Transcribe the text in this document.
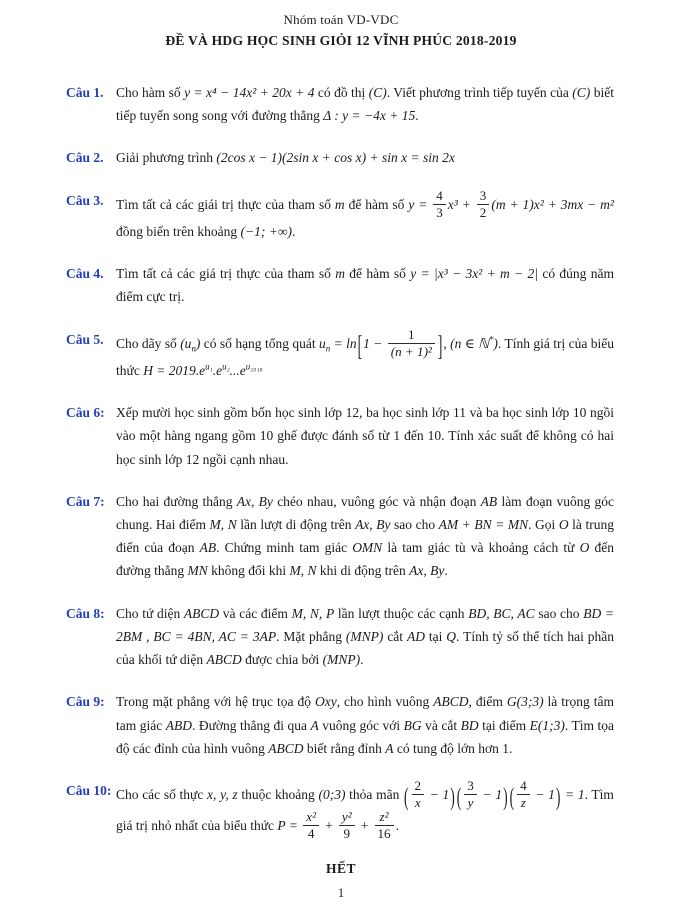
Nhóm toán VD-VDC
ĐỀ VÀ HDG HỌC SINH GIỎI 12 VĨNH PHÚC 2018-2019
Câu 1. Cho hàm số y = x⁴ − 14x² + 20x + 4 có đồ thị (C). Viết phương trình tiếp tuyến của (C) biết tiếp tuyến song song với đường thẳng Δ : y = −4x + 15.
Câu 2. Giải phương trình (2cos x − 1)(2sin x + cos x) + sin x = sin 2x
Câu 3. Tìm tất cả các giái trị thực của tham số m để hàm số $y = \frac{4}{3} x^3 + \frac{3}{2} (m + 1)x^2 + 3mx - m^2$ đồng biến trên khoảng (−1; +∞).
Câu 4. Tìm tất cả các giá trị thực của tham số m để hàm số y = |x³ − 3x² + m − 2| có đúng năm điểm cực trị.
Câu 5. Cho dãy số $(u_n)$ có số hạng tổng quát $u_n = \ln[1 - \frac{1}{\text{(n + 1)²}}$ ], (n ∈ ℕ*). Tính giá trị của biểu thức $H = 2019.e^{u_1}.e^{u_2}...e^{u_{2018}}$
Câu 6: Xếp mười học sinh gồm bốn học sinh lớp 12, ba học sinh lớp 11 và ba học sinh lớp 10 ngồi vào một hàng ngang gồm 10 ghế được đánh số từ 1 đến 10. Tính xác suất để không có hai học sinh lớp 12 ngồi cạnh nhau.
Câu 7: Cho hai đường thẳng Ax, By chéo nhau, vuông góc và nhận đoạn AB làm đoạn vuông góc chung. Hai điểm M, N lần lượt di động trên Ax, By sao cho AM + BN = MN. Gọi O là trung điển của đoạn AB. Chứng minh tam giác OMN là tam giác tù và khoảng cách từ O đến đường thẳng MN không đổi khi M, N khi di động trên Ax, By.
Câu 8: Cho tứ diện ABCD và các điểm M, N, P lần lượt thuộc các cạnh BD, BC, AC sao cho BD = 2BM , BC = 4BN, AC = 3AP. Mặt phẳng (MNP) cắt AD tại Q. Tính tỷ số thể tích hai phần của khối tứ diện ABCD được chia bởi (MNP).
Câu 9: Trong mặt phẳng với hệ trục tọa độ Oxy, cho hình vuông ABCD, điểm G(3;3) là trọng tâm tam giác ABD. Đường thẳng đi qua A vuông góc với BG và cắt BD tại điểm E(1;3). Tìm tọa độ các đỉnh của hình vuông ABCD biết rằng đỉnh A có tung độ lớn hơn 1.
Câu 10: Cho các số thực x, y, z thuộc khoảng (0;3) thỏa mãn ( $\frac{2}{x} - 1$) ( $\frac{3}{y} - 1$) ( $\frac{4}{z} - 1) = 1$. Tìm giá trị nhỏ nhất của biểu thức $P = \frac{\text{x²}}{4} + \frac{\text{y²}}{9} + \frac{\text{z²}}{16}$ .
HẾT
1
